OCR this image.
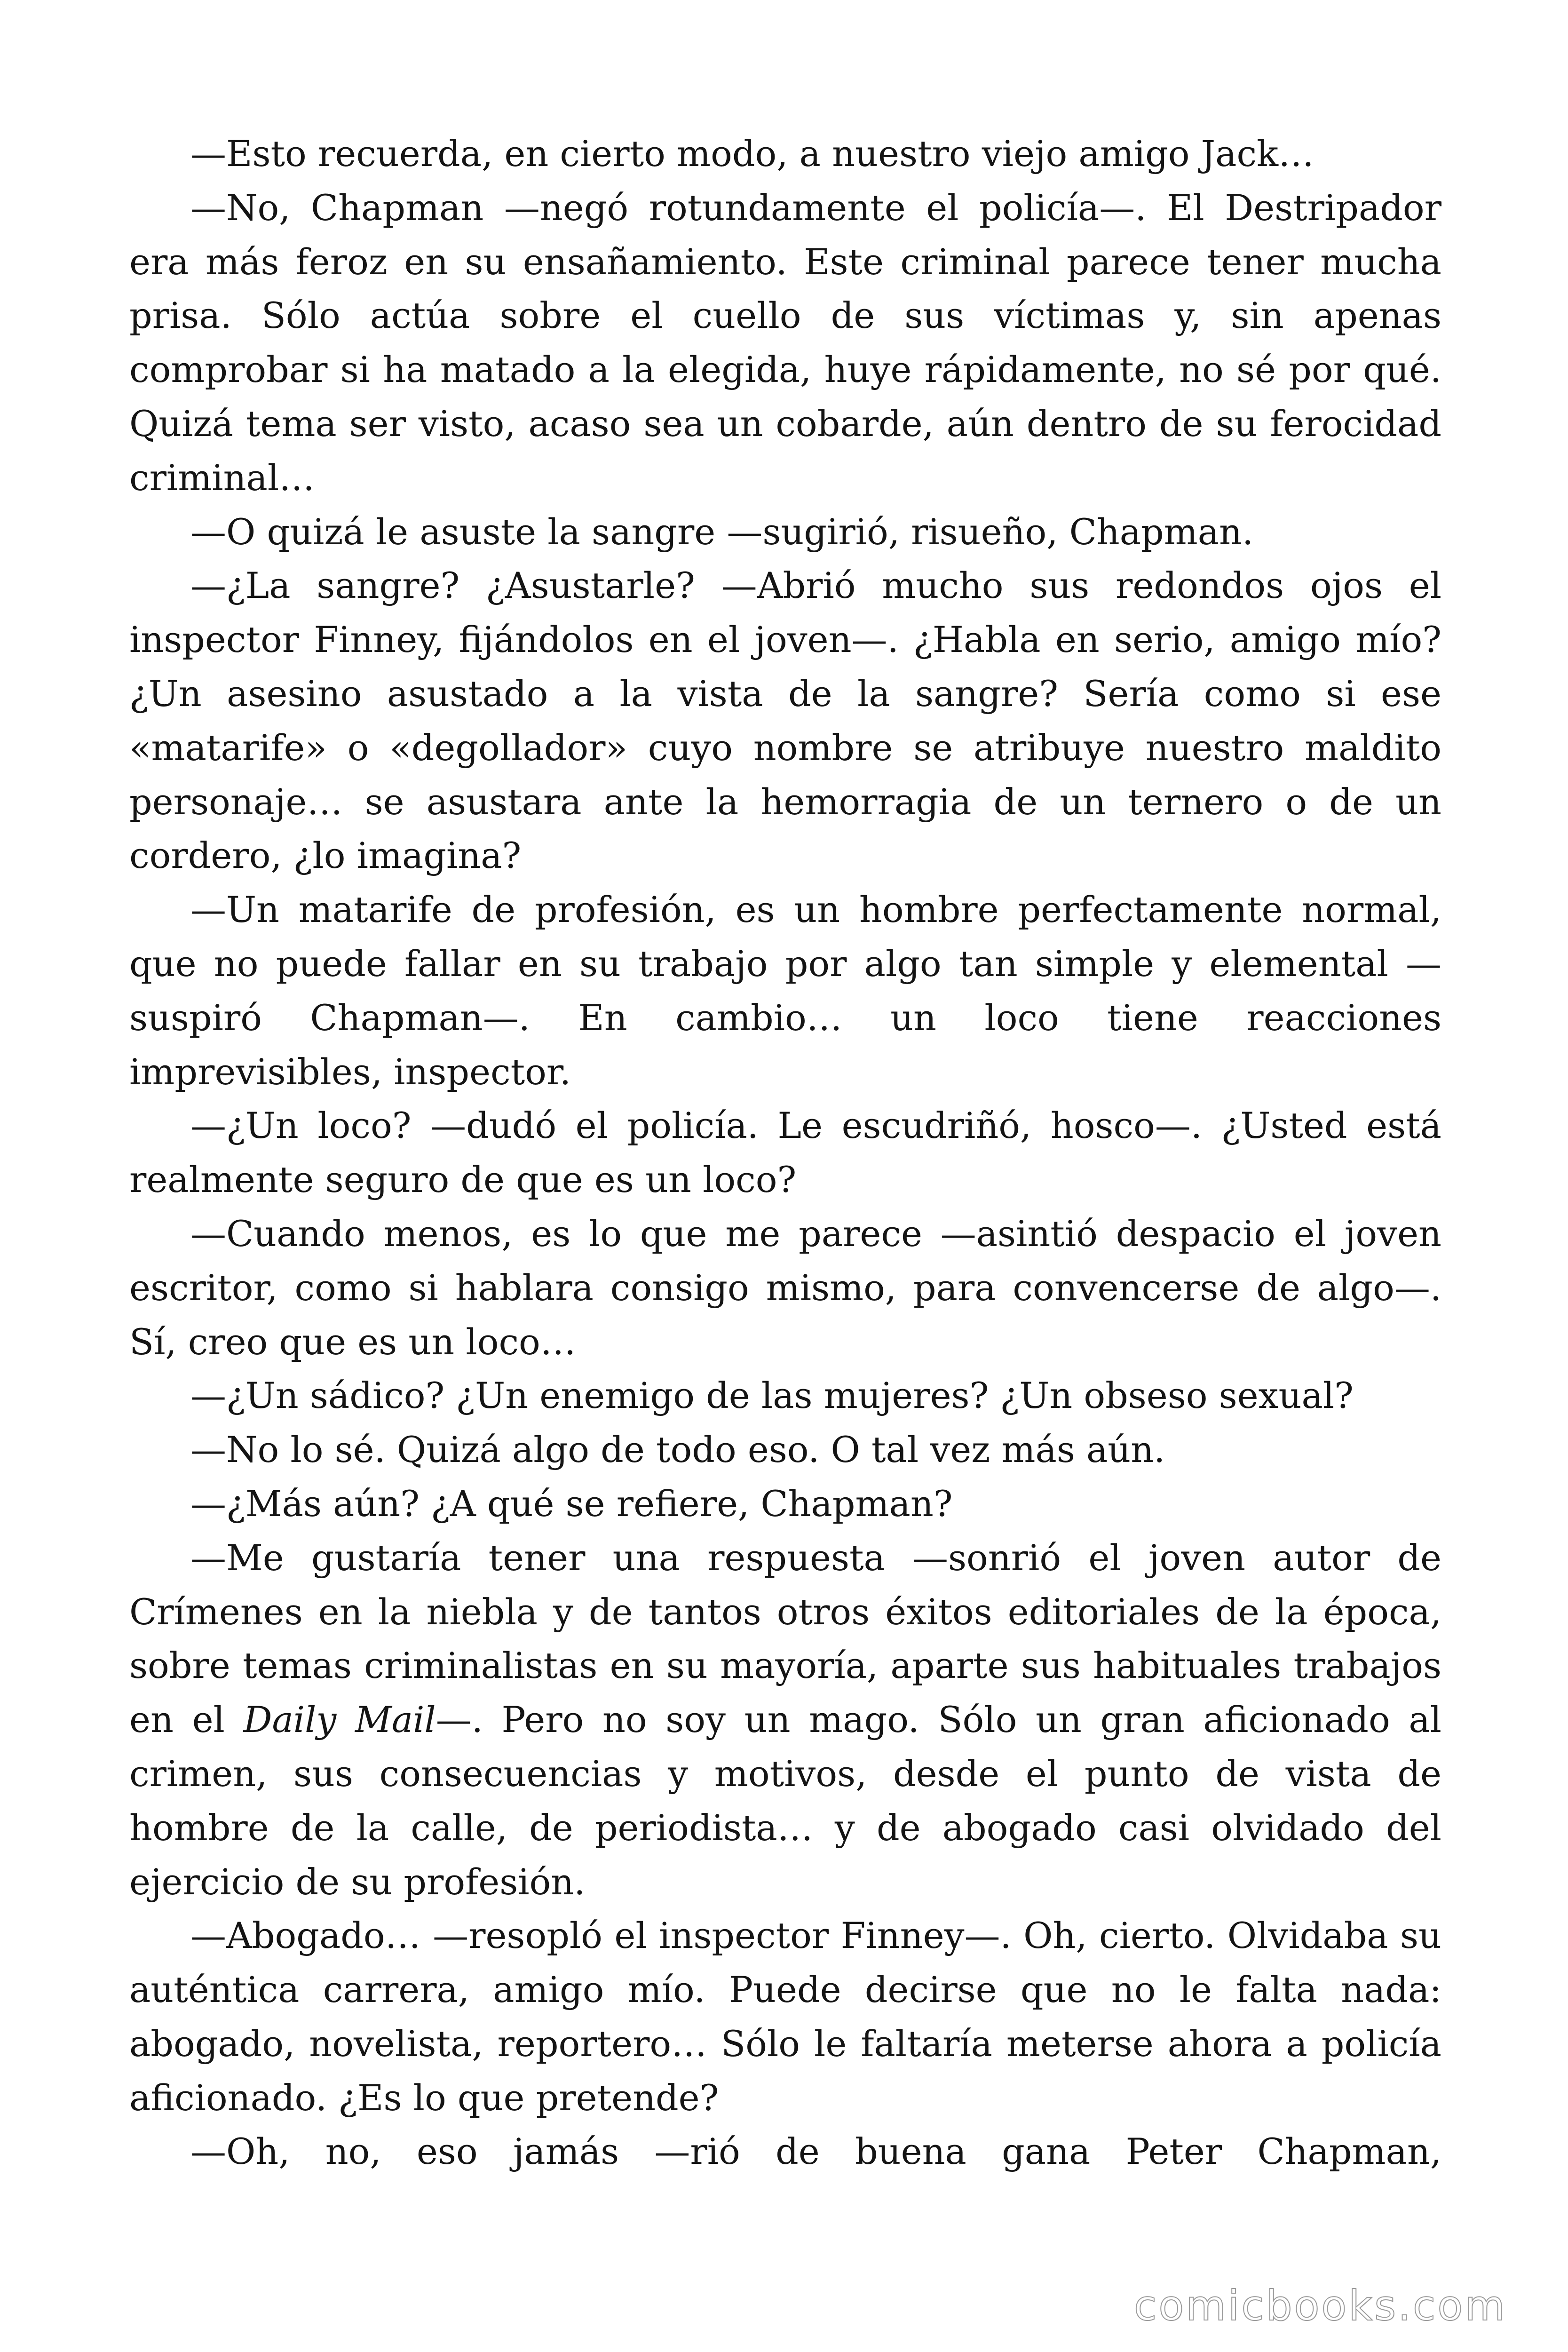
—Esto recuerda, en cierto modo, a nuestro viejo amigo Jack…

—No, Chapman —negó rotundamente el policía—. El Destripador era más feroz en su ensañamiento. Este criminal parece tener mucha prisa. Sólo actúa sobre el cuello de sus víctimas y, sin apenas comprobar si ha matado a la elegida, huye rápidamente, no sé por qué. Quizá tema ser visto, acaso sea un cobarde, aún dentro de su ferocidad criminal…

—O quizá le asuste la sangre —sugirió, risueño, Chapman.

—¿La sangre? ¿Asustarle? —Abrió mucho sus redondos ojos el inspector Finney, fijándolos en el joven—. ¿Habla en serio, amigo mío? ¿Un asesino asustado a la vista de la sangre? Sería como si ese «matarife» o «degollador» cuyo nombre se atribuye nuestro maldito personaje… se asustara ante la hemorragia de un ternero o de un cordero, ¿lo imagina?

—Un matarife de profesión, es un hombre perfectamente normal, que no puede fallar en su trabajo por algo tan simple y elemental —suspiró Chapman—. En cambio… un loco tiene reacciones imprevisibles, inspector.

—¿Un loco? —dudó el policía. Le escudriñó, hosco—. ¿Usted está realmente seguro de que es un loco?

—Cuando menos, es lo que me parece —asintió despacio el joven escritor, como si hablara consigo mismo, para convencerse de algo—. Sí, creo que es un loco…

—¿Un sádico? ¿Un enemigo de las mujeres? ¿Un obseso sexual?

—No lo sé. Quizá algo de todo eso. O tal vez más aún.

—¿Más aún? ¿A qué se refiere, Chapman?

—Me gustaría tener una respuesta —sonrió el joven autor de Crímenes en la niebla y de tantos otros éxitos editoriales de la época, sobre temas criminalistas en su mayoría, aparte sus habituales trabajos en el Daily Mail—. Pero no soy un mago. Sólo un gran aficionado al crimen, sus consecuencias y motivos, desde el punto de vista de hombre de la calle, de periodista… y de abogado casi olvidado del ejercicio de su profesión.

—Abogado… —resopló el inspector Finney—. Oh, cierto. Olvidaba su auténtica carrera, amigo mío. Puede decirse que no le falta nada: abogado, novelista, reportero… Sólo le faltaría meterse ahora a policía aficionado. ¿Es lo que pretende?

—Oh, no, eso jamás —rió de buena gana Peter Chapman,

comicbooks.com
